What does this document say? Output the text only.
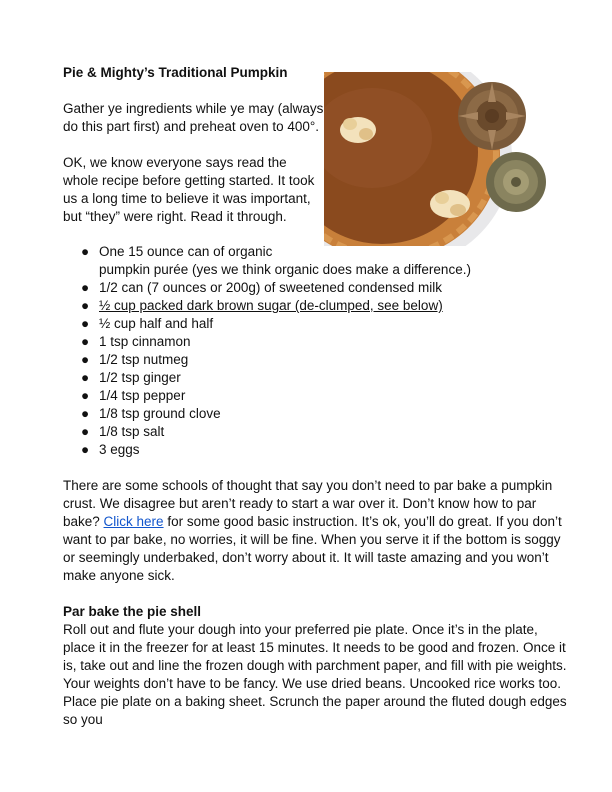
Pie & Mighty’s Traditional Pumpkin

Gather ye ingredients while ye may (always do this part first) and preheat oven to 400°.

OK, we know everyone says read the whole recipe before getting started. It took us a long time to believe it was important, but “they” were right. Read it through.

● One 15 ounce can of organic
pumpkin purée (yes we think organic does make a difference.)
● 1/2 can (7 ounces or 200g) of sweetened condensed milk
● ½ cup packed dark brown sugar (de-clumped, see below)
● ½ cup half and half
● 1 tsp cinnamon
● 1/2 tsp nutmeg
● 1/2 tsp ginger
● 1/4 tsp pepper
● 1/8 tsp ground clove
● 1/8 tsp salt
● 3 eggs

There are some schools of thought that say you don’t need to par bake a pumpkin crust. We disagree but aren’t ready to start a war over it. Don’t know how to par bake? Click here for some good basic instruction. It’s ok, you’ll do great. If you don’t want to par bake, no worries, it will be fine. When you serve it if the bottom is soggy or seemingly underbaked, don’t worry about it. It will taste amazing and you won’t make anyone sick.

Par bake the pie shell

Roll out and flute your dough into your preferred pie plate. Once it’s in the plate, place it in the freezer for at least 15 minutes. It needs to be good and frozen. Once it is, take out and line the frozen dough with parchment paper, and fill with pie weights. Your weights don’t have to be fancy. We use dried beans. Uncooked rice works too. Place pie plate on a baking sheet. Scrunch the paper around the fluted dough edges so you
